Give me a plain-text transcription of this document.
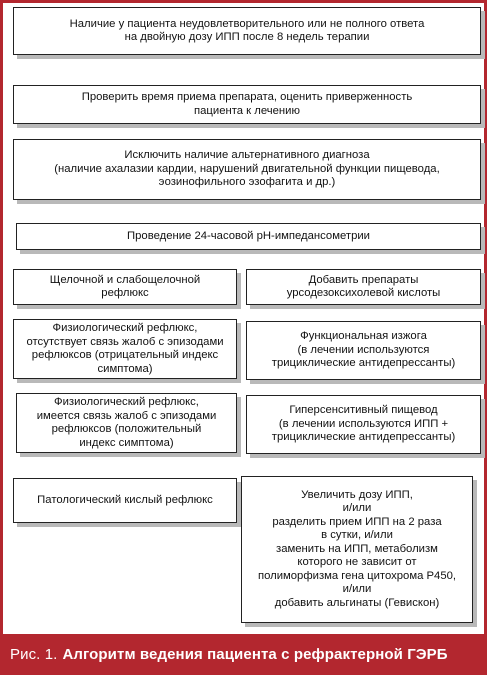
Наличие у пациента неудовлетворительного или не полного ответа
на двойную дозу ИПП после 8 недель терапии
Проверить время приема препарата, оценить приверженность
пациента к лечению
Исключить наличие альтернативного диагноза
(наличие ахалазии кардии, нарушений двигательной функции пищевода,
эозинофильного эзофагита и др.)
Проведение 24-часовой рН-импедансометрии
Щелочной и слабощелочной
рефлюкс
Добавить препараты
урсодезоксихолевой кислоты
Физиологический рефлюкс,
отсутствует связь жалоб с эпизодами
рефлюксов (отрицательный индекс
симптома)
Функциональная изжога
(в лечении используются
трициклические антидепрессанты)
Физиологический рефлюкс,
имеется связь жалоб с эпизодами
рефлюксов (положительный
индекс симптома)
Гиперсенситивный пищевод
(в лечении используются ИПП +
трициклические антидепрессанты)
Патологический кислый рефлюкс	Увеличить дозу ИПП,
и/или
разделить прием ИПП на 2 раза
в сутки, и/или
заменить на ИПП, метаболизм
которого не зависит от
полиморфизма гена цитохрома Р450,
и/или
добавить альгинаты (Гевискон)
Рис. 1. Алгоритм ведения пациента с рефрактерной ГЭРБ
